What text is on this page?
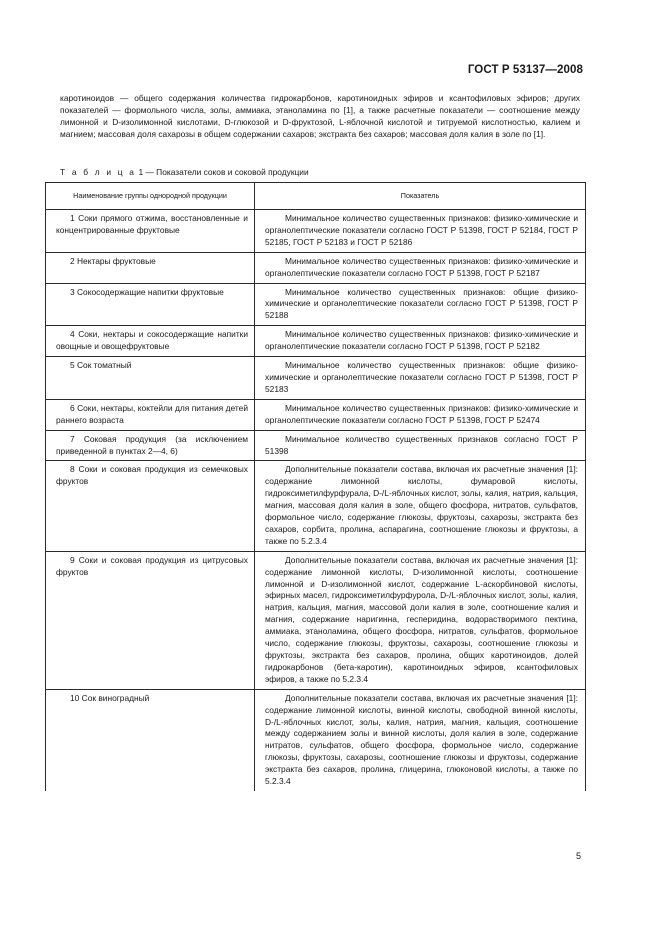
ГОСТ Р 53137—2008

каротиноидов — общего содержания количества гидрокарбонов, каротиноидных эфиров и ксантофиловых эфиров; других показателей — формольного числа, золы, аммиака, этаноламина по [1], а также расчетные показатели — соотношение между лимонной и D-изолимонной кислотами, D-глюкозой и D-фруктозой, L-яблочной кислотой и титруемой кислотностью, калием и магнием; массовая доля сахарозы в общем содержании сахаров; экстракта без сахаров; массовая доля калия в золе по [1].

Т а б л и ц а 1 — Показатели соков и соковой продукции
Наименование группы однородной продукции	Показатель

1 Соки прямого отжима, восстановленные и концентрированные фруктовые	Минимальное количество существенных признаков: физико-химические и органолептические показатели согласно ГОСТ Р 51398, ГОСТ Р 52184, ГОСТ Р 52185, ГОСТ Р 52183 и ГОСТ Р 52186

2 Нектары фруктовые	Минимальное количество существенных признаков: физико-химические и органолептические показатели согласно ГОСТ Р 51398, ГОСТ Р 52187

3 Сокосодержащие напитки фруктовые	Минимальное количество существенных признаков: общие физико-химические и органолептические показатели согласно ГОСТ Р 51398, ГОСТ Р 52188

4 Соки, нектары и сокосодержащие напитки овощные и овощефруктовые	Минимальное количество существенных признаков: физико-химические и органолептические показатели согласно ГОСТ Р 51398, ГОСТ Р 52182

5 Сок томатный	Минимальное количество существенных признаков: общие физико-химические и органолептические показатели согласно ГОСТ Р 51398, ГОСТ Р 52183

6 Соки, нектары, коктейли для питания детей раннего возраста	Минимальное количество существенных признаков: физико-химические и органолептические показатели согласно ГОСТ Р 51398, ГОСТ Р 52474

7 Соковая продукция (за исключением приведенной в пунктах 2—4, 6)	Минимальное количество существенных признаков согласно ГОСТ Р 51398

8 Соки и соковая продукция из семечковых фруктов	Дополнительные показатели состава, включая их расчетные значения [1]: содержание лимонной кислоты, фумаровой кислоты, гидроксиметилфурфурала, D-/L-яблочных кислот, золы, калия, натрия, кальция, магния, массовая доля калия в золе, общего фосфора, нитратов, сульфатов, формольное число, содержание глюкозы, фруктозы, сахарозы, экстракта без сахаров, сорбита, пролина, аспарагина, соотношение глюкозы и фруктозы, а также по 5.2.3.4

9 Соки и соковая продукция из цитрусовых фруктов	Дополнительные показатели состава, включая их расчетные значения [1]: содержание лимонной кислоты, D-изолимонной кислоты, соотношение лимонной и D-изолимонной кислот, содержание L-аскорбиновой кислоты, эфирных масел, гидроксиметилфурфурола, D-/L-яблочных кислот, золы, калия, натрия, кальция, магния, массовой доли калия в золе, соотношение калия и магния, содержание наригинна, гесперидина, водорастворимого пектина, аммиака, этаноламина, общего фосфора, нитратов, сульфатов, формольное число, содержание глюкозы, фруктозы, сахарозы, соотношение глюкозы и фруктозы, экстракта без сахаров, пролина, общих каротиноидов, долей гидрокарбонов (бета-каротин), каротиноидных эфиров, ксантофиловых эфиров, а также по 5.2.3.4

10 Сок виноградный	Дополнительные показатели состава, включая их расчетные значения [1]: содержание лимонной кислоты, винной кислоты, свободной винной кислоты, D-/L-яблочных кислот, золы, калия, натрия, магния, кальция, соотношение между содержанием золы и винной кислоты, доля калия в золе, содержание нитратов, сульфатов, общего фосфора, формольное число, содержание глюкозы, фруктозы, сахарозы, соотношение глюкозы и фруктозы, содержание экстракта без сахаров, пролина, глицерина, глюконовой кислоты, а также по 5.2.3.4
5
